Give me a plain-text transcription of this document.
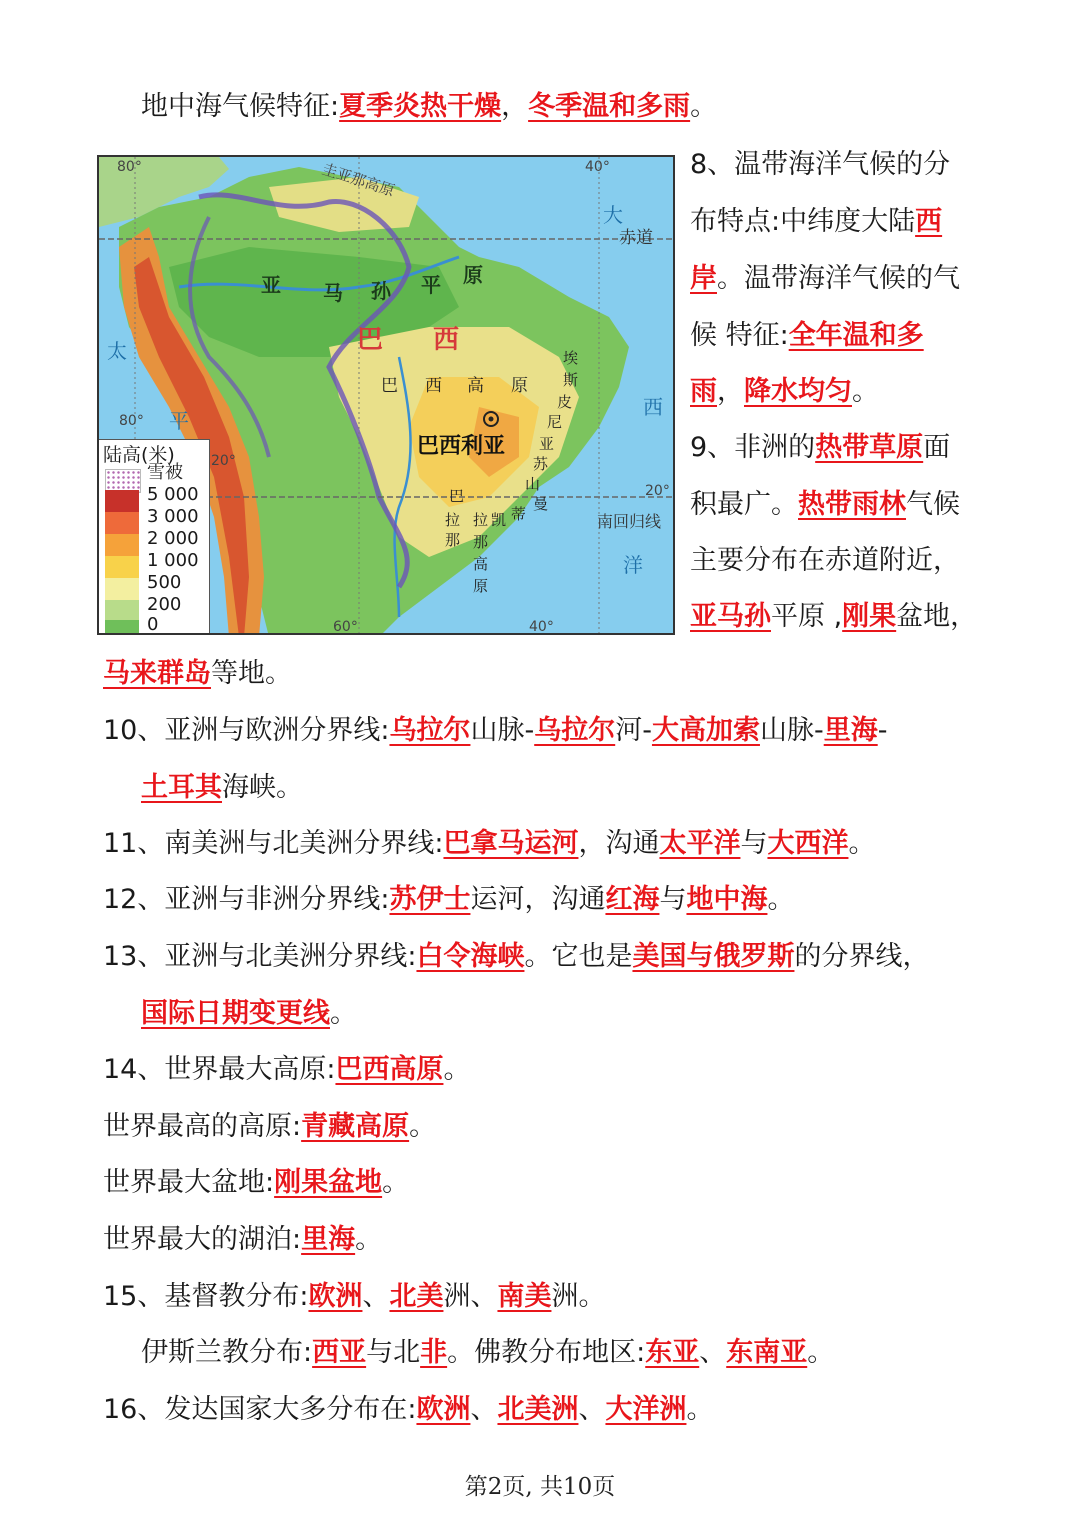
地中海气候特征:夏季炎热干燥，冬季温和多雨。
80°	40°
圭亚那高原
大
赤道
亚 马 孙 平 原
太	巴 西
巴 西 高 原
西
80° 平
巴西利亚
20°
20°
南回归线
洋
60°	40°
埃
斯
皮
尼
亚
苏
山
曼
凯 蒂
巴
拉
那
拉
那
高
原
陆高(米)
雪被
5 000
3 000
2 000
1 000
500
200
0
8、温带海洋气候的分
布特点:中纬度大陆西
岸。温带海洋气候的气
候 特征:全年温和多
雨，降水均匀。
9、非洲的热带草原面
积最广。热带雨林气候
主要分布在赤道附近，
亚马孙平原 ,刚果盆地，
马来群岛等地。
10、亚洲与欧洲分界线:乌拉尔山脉-乌拉尔河-大高加索山脉-里海-
土耳其海峡。
11、南美洲与北美洲分界线:巴拿马运河，沟通太平洋与大西洋。
12、亚洲与非洲分界线:苏伊士运河，沟通红海与地中海。
13、亚洲与北美洲分界线:白令海峡。它也是美国与俄罗斯的分界线，
国际日期变更线。
14、世界最大高原:巴西高原。
世界最高的高原:青藏高原。
世界最大盆地:刚果盆地。
世界最大的湖泊:里海。
15、基督教分布:欧洲、北美洲、南美洲。
伊斯兰教分布:西亚与北非。佛教分布地区:东亚、东南亚。
16、发达国家大多分布在:欧洲、北美洲、大洋洲。
第2页, 共10页
